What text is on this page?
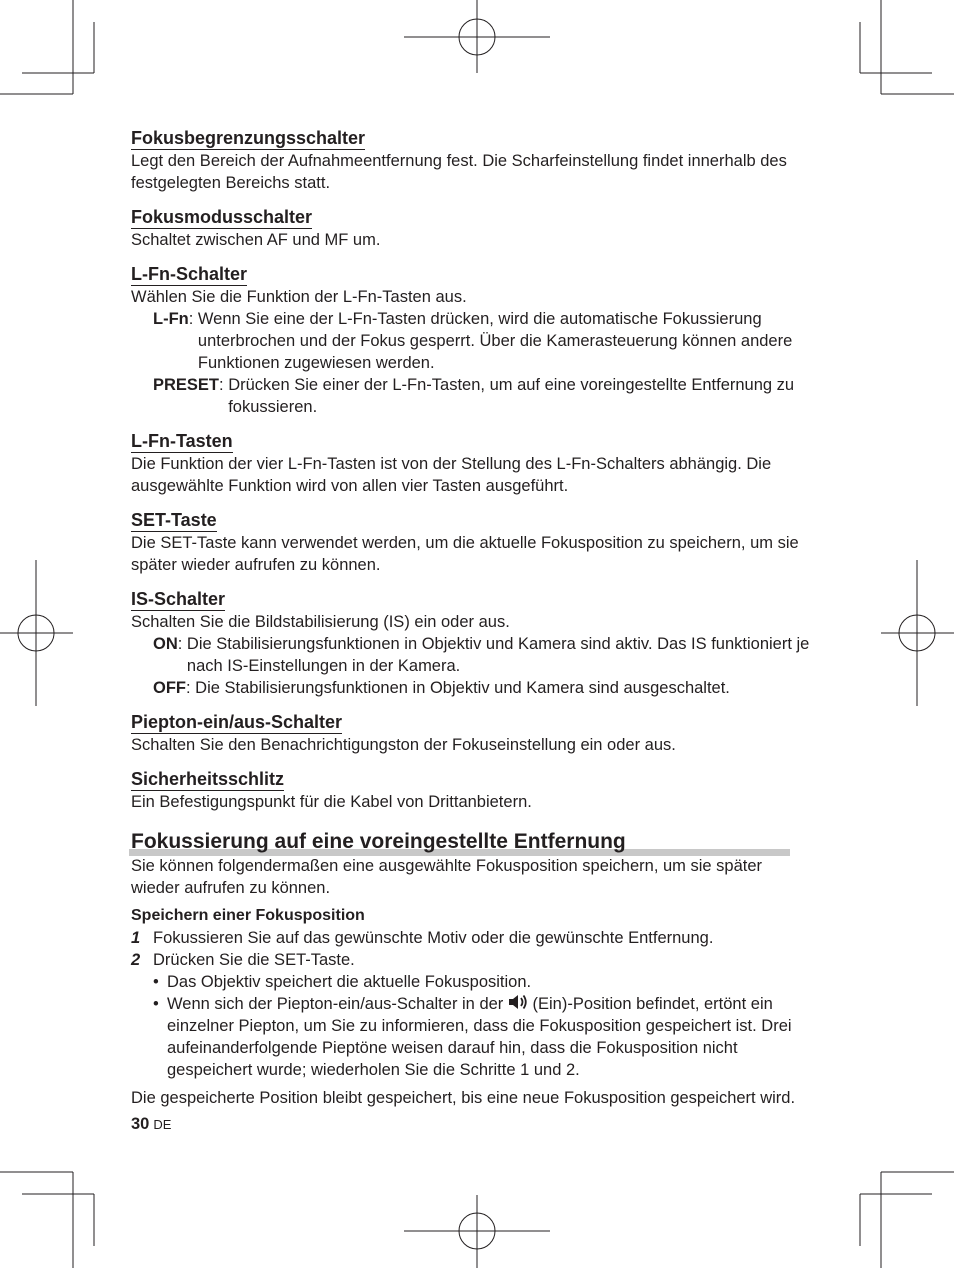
Fokusbegrenzungsschalter
Legt den Bereich der Aufnahmeentfernung fest. Die Scharfeinstellung findet innerhalb des festgelegten Bereichs statt.
Fokusmodusschalter
Schaltet zwischen AF und MF um.
L-Fn-Schalter
Wählen Sie die Funktion der L-Fn-Tasten aus.
L-Fn : Wenn Sie eine der L-Fn-Tasten drücken, wird die automatische Fokussierung unterbrochen und der Fokus gesperrt. Über die Kamerasteuerung können andere Funktionen zugewiesen werden.
PRESET : Drücken Sie einer der L-Fn-Tasten, um auf eine voreingestellte Entfernung zu fokussieren.
L-Fn-Tasten
Die Funktion der vier L-Fn-Tasten ist von der Stellung des L-Fn-Schalters abhängig. Die ausgewählte Funktion wird von allen vier Tasten ausgeführt.
SET-Taste
Die SET-Taste kann verwendet werden, um die aktuelle Fokusposition zu speichern, um sie später wieder aufrufen zu können.
IS-Schalter
Schalten Sie die Bildstabilisierung (IS) ein oder aus.
ON : Die Stabilisierungsfunktionen in Objektiv und Kamera sind aktiv. Das IS funktioniert je nach IS-Einstellungen in der Kamera.
OFF : Die Stabilisierungsfunktionen in Objektiv und Kamera sind ausgeschaltet.
Piepton-ein/aus-Schalter
Schalten Sie den Benachrichtigungston der Fokuseinstellung ein oder aus.
Sicherheitsschlitz
Ein Befestigungspunkt für die Kabel von Drittanbietern.
Fokussierung auf eine voreingestellte Entfernung
Sie können folgendermaßen eine ausgewählte Fokusposition speichern, um sie später wieder aufrufen zu können.
Speichern einer Fokusposition
1 Fokussieren Sie auf das gewünschte Motiv oder die gewünschte Entfernung.
2 Drücken Sie die SET-Taste.
• Das Objektiv speichert die aktuelle Fokusposition.
• Wenn sich der Piepton-ein/aus-Schalter in der (Ein)-Position befindet, ertönt ein einzelner Piepton, um Sie zu informieren, dass die Fokusposition gespeichert ist. Drei aufeinanderfolgende Pieptöne weisen darauf hin, dass die Fokusposition nicht gespeichert wurde; wiederholen Sie die Schritte 1 und 2.
Die gespeicherte Position bleibt gespeichert, bis eine neue Fokusposition gespeichert wird.
30 DE
